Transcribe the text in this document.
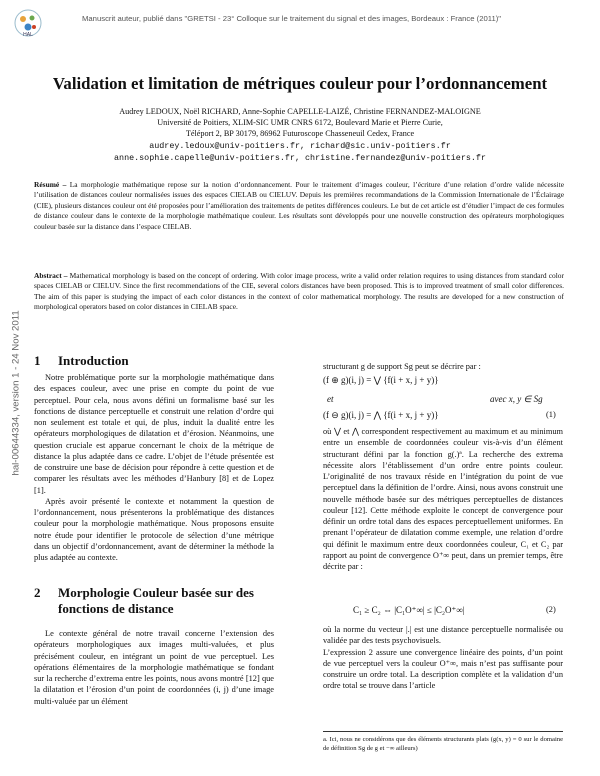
HAL
Manuscrit auteur, publié dans "GRETSI - 23° Colloque sur le traitement du signal et des images, Bordeaux : France (2011)"
hal-00644334, version 1 - 24 Nov 2011
Validation et limitation de métriques couleur pour l’ordonnancement
Audrey LEDOUX, Noël RICHARD, Anne-Sophie CAPELLE-LAIZÉ, Christine FERNANDEZ-MALOIGNE
Université de Poitiers, XLIM-SIC UMR CNRS 6172, Boulevard Marie et Pierre Curie,
Téléport 2, BP 30179, 86962 Futuroscope Chasseneuil Cedex, France
audrey.ledoux@univ-poitiers.fr, richard@sic.univ-poitiers.fr
anne.sophie.capelle@univ-poitiers.fr, christine.fernandez@univ-poitiers.fr
Résumé – La morphologie mathématique repose sur la notion d’ordonnancement. Pour le traitement d’images couleur, l’écriture d’une relation d’ordre valide nécessite l’utilisation de distances couleur normalisées issues des espaces CIELAB ou CIELUV. Depuis les premières recommandations de la Commission Internationale de l’Éclairage (CIE), plusieurs distances couleur ont été proposées pour l’amélioration des traitements de petites différences couleurs. Le but de cet article est d’étudier l’impact de ces formules de distance couleur dans le contexte de la morphologie mathématique couleur. Les résultats sont développés pour une nouvelle construction des opérateurs morphologiques couleur basée sur la distance dans l’espace CIELAB.
Abstract – Mathematical morphology is based on the concept of ordering. With color image process, write a valid order relation requires to using distances from standard color spaces CIELAB or CIELUV. Since the first recommendations of the CIE, several colors distances have been proposed. This is to improved treatment of small color differences. The aim of this paper is studying the impact of each color distances in the context of color mathematical morphology. The results are developed for a new construction of morphological operators based on color distances in CIELAB space.
1 Introduction

Notre problématique porte sur la morphologie mathématique dans des espaces couleur, avec une prise en compte du point de vue perceptuel. Pour cela, nous avons défini un formalisme basé sur les fonctions de distance perceptuelle et construit une relation d’ordre qui non seulement est totale et qui, de plus, induit la dualité entre les opérateurs morphologiques de dilatation et d’érosion. Néanmoins, une question cruciale est apparue concernant le choix de la métrique de distance la plus adaptée dans ce cadre. L’objet de l’étude présentée est de construire une base de décision pour répondre à cette question et de comparer les résultats avec les méthodes d’Hanbury [8] et de Lopez [1].

Après avoir présenté le contexte et notamment la question de l’ordonnancement, nous présenterons la problématique des distances couleur pour la morphologie mathématique. Nous proposons ensuite notre étude pour identifier le protocole de sélection d’une métrique dans un objectif d’ordonnancement, avant de déterminer la méthode la plus adaptée au contexte.

2 Morphologie Couleur basée sur des fonctions de distance

Le contexte général de notre travail concerne l’extension des opérateurs morphologiques aux images multi-valuées, et plus précisément couleur, en intégrant un point de vue perceptuel. Les opérations élémentaires de la morphologie mathématique se fondant sur la recherche d’extrema entre les points, nous avons montré [12] que la dilatation et l’érosion d’un point de coordonnées (i, j) d’une image multi-valuée par un élément

structurant g de support Sg peut se décrire par :

(f ⊕ g)(i, j) = ⋁ {f(i + x, j + y)}
et	avec x, y ∈ Sg
(f ⊖ g)(i, j) = ⋀ {f(i + x, j + y)}	(1)

où ⋁ et ⋀ correspondent respectivement au maximum et au minimum entre un ensemble de coordonnées couleur vis-à-vis d’un élément structurant défini par la fonction g(.)ª. La recherche des extrema nécessite alors l’établissement d’un ordre entre points couleur. L’originalité de nos travaux réside en l’intégration du point de vue perceptuel dans la définition de l’ordre. Ainsi, nous avons construit une nouvelle méthode basée sur des métriques perceptuelles de distances couleur [12]. Cette méthode exploite le concept de convergence pour définir un ordre total dans des espaces perceptuellement uniformes. En prenant l’opérateur de dilatation comme exemple, une relation d’ordre qui définit le maximum entre deux coordonnées couleur, C₁ et C₂ par rapport au point de convergence O⁺∞ peut, dans un premier temps, être décrite par :

C₁ ≥ C₂ ⇔ |C₁O⁺∞| ≤ |C₂O⁺∞|	(2)

où la norme du vecteur |.| est une distance perceptuelle normalisée ou validée par des tests psychovisuels.

L’expression 2 assure une convergence linéaire des points, d’un point de vue perceptuel vers la couleur O⁺∞, mais n’est pas suffisante pour construire un ordre total. La description complète et la validation d’un ordre total se trouve dans l’article

a. Ici, nous ne considérons que des éléments structurants plats (g(x, y) = 0 sur le domaine de définition Sg de g et −∞ ailleurs)
